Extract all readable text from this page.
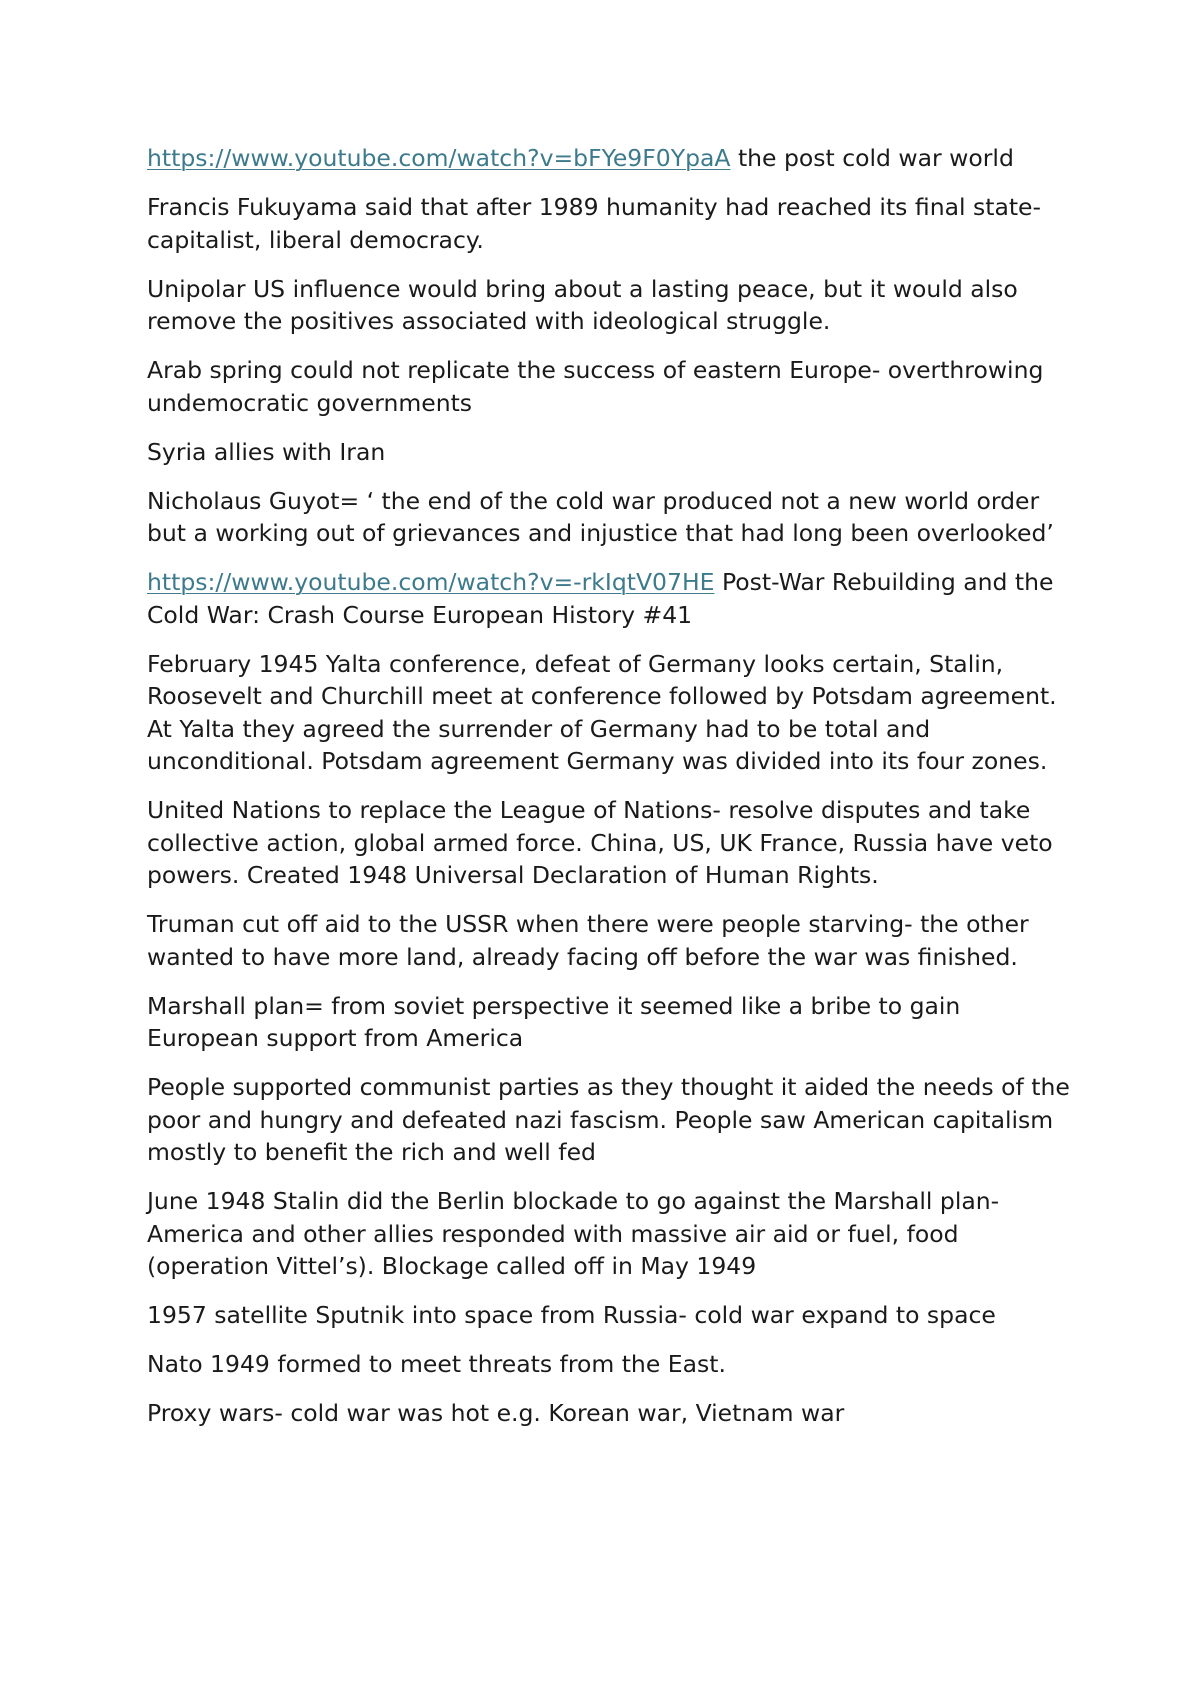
https://www.youtube.com/watch?v=bFYe9F0YpaA the post cold war world

Francis Fukuyama said that after 1989 humanity had reached its final state- capitalist, liberal democracy.

Unipolar US influence would bring about a lasting peace, but it would also remove the positives associated with ideological struggle.

Arab spring could not replicate the success of eastern Europe- overthrowing undemocratic governments

Syria allies with Iran

Nicholaus Guyot= ‘ the end of the cold war produced not a new world order but a working out of grievances and injustice that had long been overlooked’

https://www.youtube.com/watch?v=-rkIqtV07HE Post-War Rebuilding and the Cold War: Crash Course European History #41

February 1945 Yalta conference, defeat of Germany looks certain, Stalin, Roosevelt and Churchill meet at conference followed by Potsdam agreement. At Yalta they agreed the surrender of Germany had to be total and unconditional. Potsdam agreement Germany was divided into its four zones.

United Nations to replace the League of Nations- resolve disputes and take collective action, global armed force. China, US, UK France, Russia have veto powers. Created 1948 Universal Declaration of Human Rights.

Truman cut off aid to the USSR when there were people starving- the other wanted to have more land, already facing off before the war was finished.

Marshall plan= from soviet perspective it seemed like a bribe to gain European support from America

People supported communist parties as they thought it aided the needs of the poor and hungry and defeated nazi fascism. People saw American capitalism mostly to benefit the rich and well fed

June 1948 Stalin did the Berlin blockade to go against the Marshall plan- America and other allies responded with massive air aid or fuel, food (operation Vittel’s). Blockage called off in May 1949

1957 satellite Sputnik into space from Russia- cold war expand to space

Nato 1949 formed to meet threats from the East.

Proxy wars- cold war was hot e.g. Korean war, Vietnam war
